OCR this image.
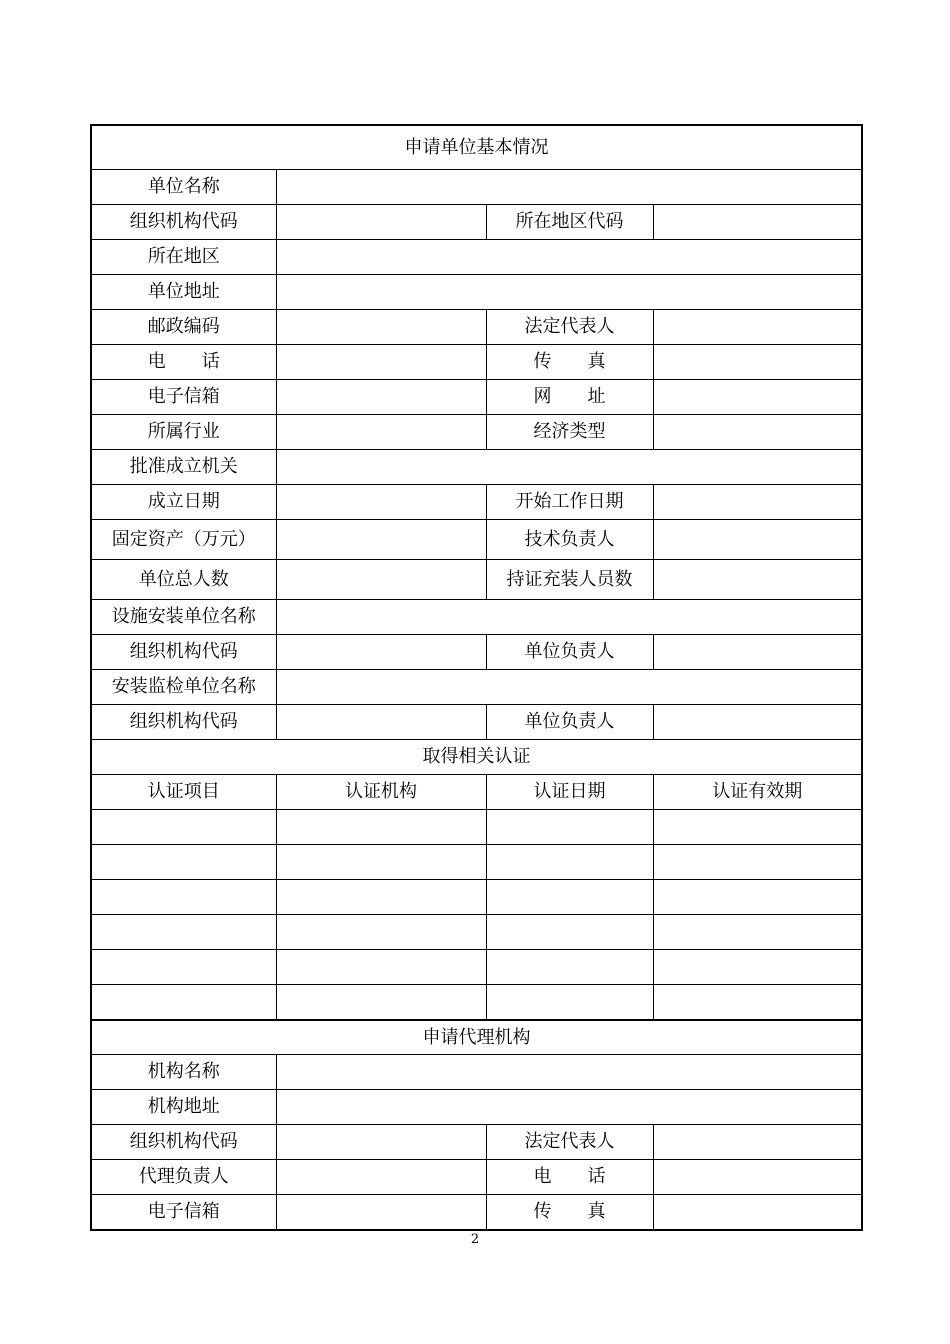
申请单位基本情况			
单位名称			
组织机构代码		所在地区代码	
所在地区			
单位地址			
邮政编码		法定代表人	
电　　话		传　　真	
电子信箱		网　　址	
所属行业		经济类型	
批准成立机关			
成立日期		开始工作日期	
固定资产（万元）		技术负责人	
单位总人数		持证充装人员数	
设施安装单位名称			
组织机构代码		单位负责人	
安装监检单位名称			
组织机构代码		单位负责人	
取得相关认证			
认证项目	认证机构	认证日期	认证有效期

申请代理机构			
机构名称			
机构地址			
组织机构代码		法定代表人	
代理负责人		电　　话	
电子信箱		传　　真	
2
